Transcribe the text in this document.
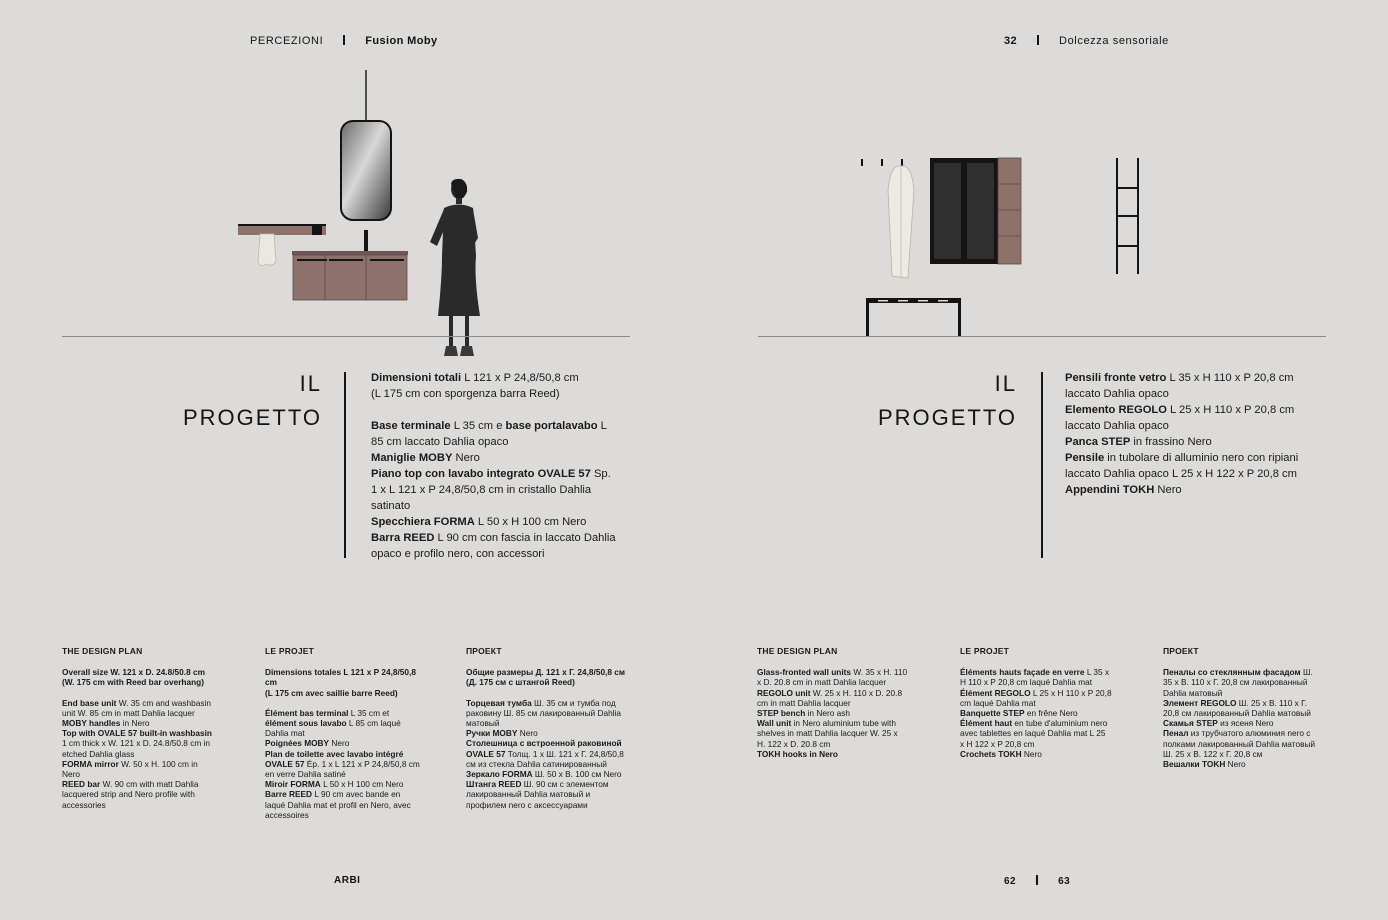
PERCEZIONI	Fusion Moby	32	Dolcezza sensoriale
IL
PROGETTO
Dimensioni totali L 121 x P 24,8/50,8 cm
(L 175 cm con sporgenza barra Reed)
Base terminale L 35 cm e base portalavabo L
85 cm laccato Dahlia opaco
Maniglie MOBY Nero
Piano top con lavabo integrato OVALE 57 Sp.
1 x L 121 x P 24,8/50,8 cm in cristallo Dahlia
satinato
Specchiera FORMA L 50 x H 100 cm Nero
Barra REED L 90 cm con fascia in laccato Dahlia
opaco e profilo nero, con accessori
IL
PROGETTO
Pensili fronte vetro L 35 x H 110 x P 20,8 cm
laccato Dahlia opaco
Elemento REGOLO L 25 x H 110 x P 20,8 cm
laccato Dahlia opaco
Panca STEP in frassino Nero
Pensile in tubolare di alluminio nero con ripiani
laccato Dahlia opaco L 25 x H 122 x P 20,8 cm
Appendini TOKH Nero
THE DESIGN PLAN
Overall size W. 121 x D. 24.8/50.8 cm
(W. 175 cm with Reed bar overhang)
End base unit W. 35 cm and washbasin
unit W. 85 cm in matt Dahlia lacquer
MOBY handles in Nero
Top with OVALE 57 built-in washbasin
1 cm thick x W. 121 x D. 24.8/50.8 cm in
etched Dahlia glass
FORMA mirror W. 50 x H. 100 cm in
Nero
REED bar W. 90 cm with matt Dahlia
lacquered strip and Nero profile with
accessories
LE PROJET
Dimensions totales L 121 x P 24,8/50,8
cm
(L 175 cm avec saillie barre Reed)
Élément bas terminal L 35 cm et
élément sous lavabo L 85 cm laqué
Dahlia mat
Poignées MOBY Nero
Plan de toilette avec lavabo intégré
OVALE 57 Ép. 1 x L 121 x P 24,8/50,8 cm
en verre Dahlia satiné
Miroir FORMA L 50 x H 100 cm Nero
Barre REED L 90 cm avec bande en
laqué Dahlia mat et profil en Nero, avec
accessoires
ПРОЕКТ
Общие размеры Д. 121 x Г. 24,8/50,8 см
(Д. 175 см с штангой Reed)
Торцевая тумба Ш. 35 см и тумба под
раковину Ш. 85 см лакированный Dahlia
матовый
Ручки MOBY Nero
Столешница с встроенной раковиной
OVALE 57 Толщ. 1 x Ш. 121 x Г. 24,8/50,8
см из стекла Dahlia сатинированный
Зеркало FORMA Ш. 50 x В. 100 см Nero
Штанга REED Ш. 90 см с элементом
лакированный Dahlia матовый и
профилем nero с аксессуарами
THE DESIGN PLAN
Glass-fronted wall units W. 35 x H. 110
x D. 20.8 cm in matt Dahlia lacquer
REGOLO unit W. 25 x H. 110 x D. 20.8
cm in matt Dahlia lacquer
STEP bench in Nero ash
Wall unit in Nero aluminium tube with
shelves in matt Dahlia lacquer W. 25 x
H. 122 x D. 20.8 cm
TOKH hooks in Nero
LE PROJET
Éléments hauts façade en verre L 35 x
H 110 x P 20,8 cm laqué Dahlia mat
Élément REGOLO L 25 x H 110 x P 20,8
cm laqué Dahlia mat
Banquette STEP en frêne Nero
Élément haut en tube d'aluminium nero
avec tablettes en laqué Dahlia mat L 25
x H 122 x P 20,8 cm
Crochets TOKH Nero
ПРОЕКТ
Пеналы со стеклянным фасадом Ш.
35 x В. 110 x Г. 20,8 см лакированный
Dahlia матовый
Элемент REGOLO Ш. 25 x В. 110 x Г.
20,8 см лакированный Dahlia матовый
Скамья STEP из ясеня Nero
Пенал из трубчатого алюминия nero с
полками лакированный Dahlia матовый
Ш. 25 x В. 122 x Г. 20,8 см
Вешалки TOKH Nero
ARBI	62	63
